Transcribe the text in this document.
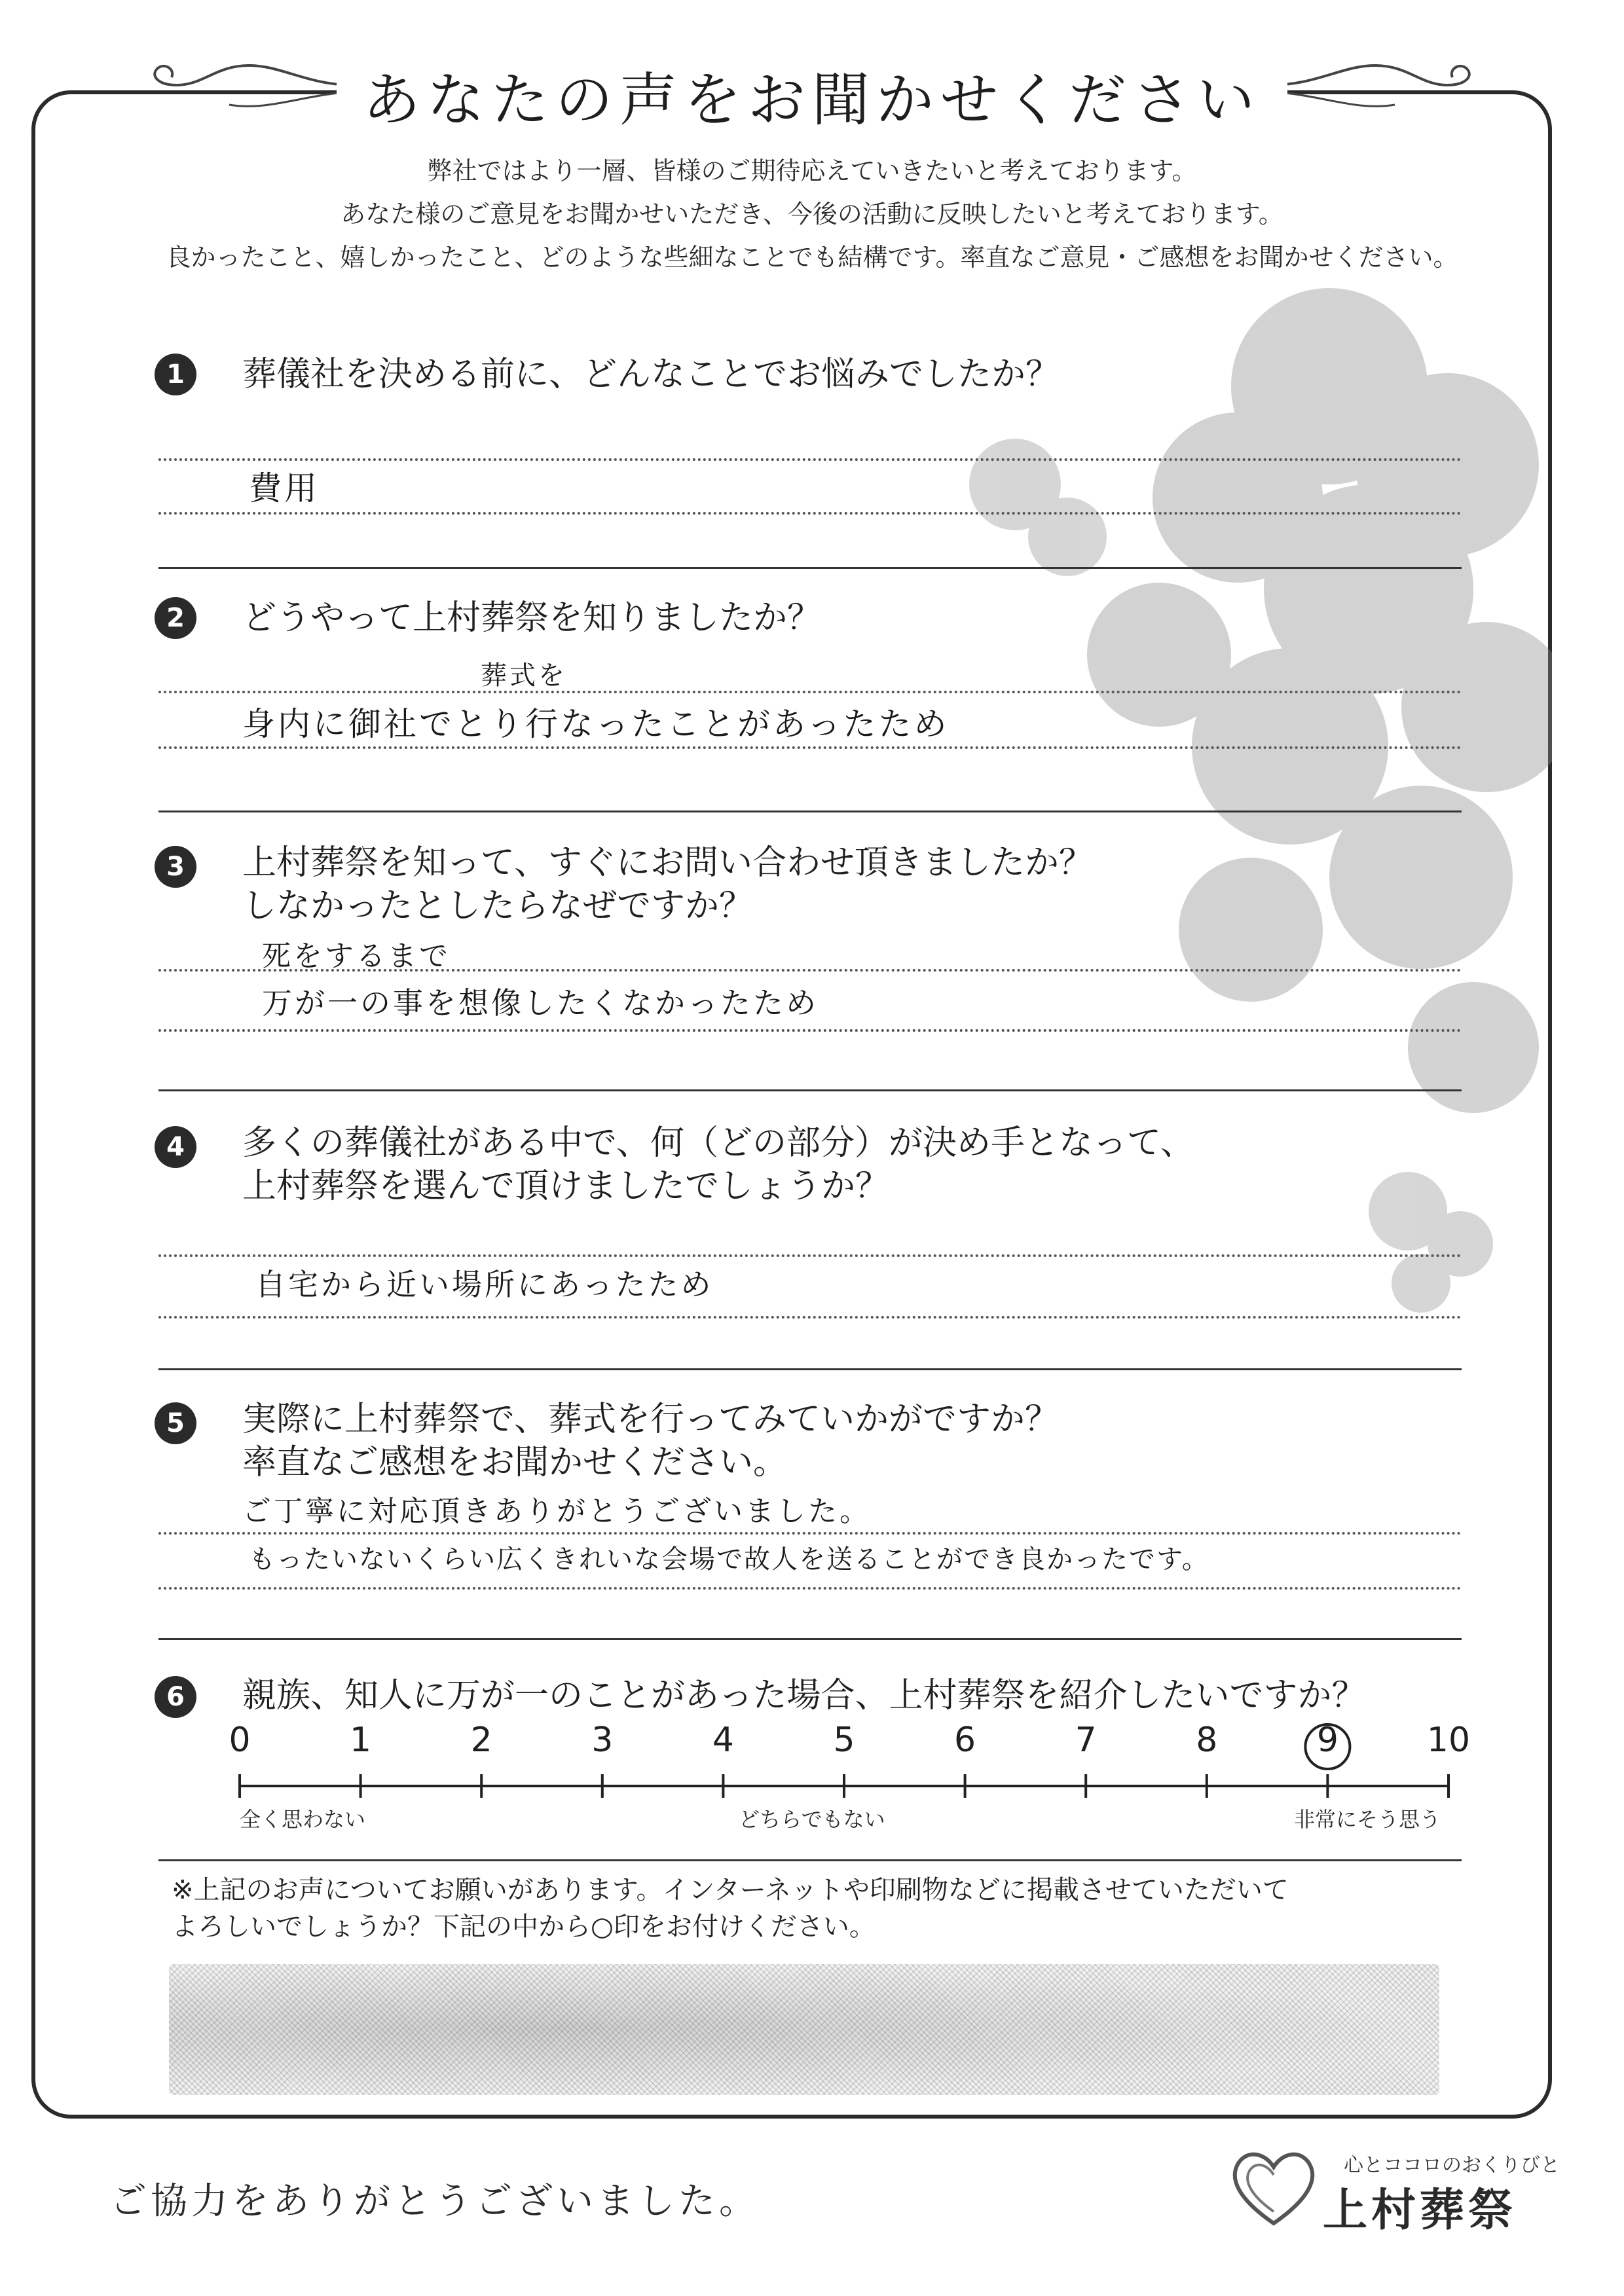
あなたの声をお聞かせください
弊社ではより一層、皆様のご期待応えていきたいと考えております。
あなた様のご意見をお聞かせいただき、今後の活動に反映したいと考えております。
良かったこと、嬉しかったこと、どのような些細なことでも結構です。率直なご意見・ご感想をお聞かせください。
1	葬儀社を決める前に、どんなことでお悩みでしたか？
費用
2	どうやって上村葬祭を知りましたか？
葬式を
身内に御社でとり行なったことがあったため
3	上村葬祭を知って、すぐにお問い合わせ頂きましたか？
しなかったとしたらなぜですか？
死をするまで
万が一の事を想像したくなかったため
4	多くの葬儀社がある中で、何（どの部分）が決め手となって、
上村葬祭を選んで頂けましたでしょうか？
自宅から近い場所にあったため
5	実際に上村葬祭で、葬式を行ってみていかがですか？
率直なご感想をお聞かせください。
ご丁寧に対応頂きありがとうございました。
もったいないくらい広くきれいな会場で故人を送ることができ良かったです。
6	親族、知人に万が一のことがあった場合、上村葬祭を紹介したいですか？
0	1	2	3	4	5	6	7	8	9	10
全く思わない	どちらでもない	非常にそう思う
※上記のお声についてお願いがあります。インターネットや印刷物などに掲載させていただいて
よろしいでしょうか？下記の中から○印をお付けください。
ご協力をありがとうございました。
心とココロのおくりびと
上村葬祭
